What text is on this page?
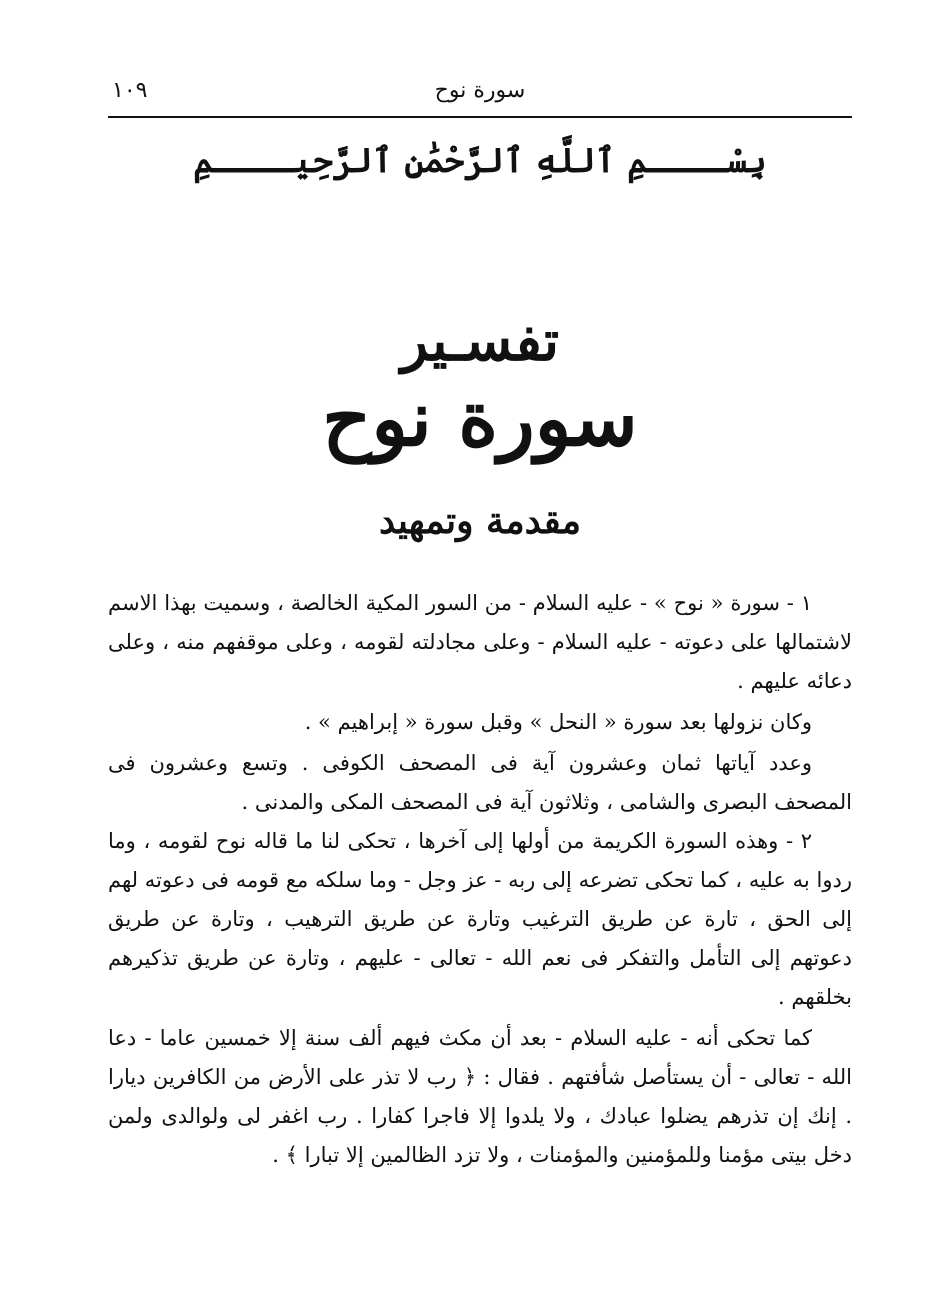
سورة نوح
١٠٩
بِسْــــمِ ٱللَّهِ ٱلرَّحْمَٰنِ ٱلرَّحِيــــمِ
تفسـير
سورة نوح
مقدمة وتمهيد

١ - سورة « نوح » - عليه السلام - من السور المكية الخالصة ، وسميت بهذا الاسم لاشتمالها على دعوته - عليه السلام - وعلى مجادلته لقومه ، وعلى موقفهم منه ، وعلى دعائه عليهم .

وكان نزولها بعد سورة « النحل » وقبل سورة « إبراهيم » .

وعدد آياتها ثمان وعشرون آية فى المصحف الكوفى . وتسع وعشرون فى المصحف البصرى والشامى ، وثلاثون آية فى المصحف المكى والمدنى .

٢ - وهذه السورة الكريمة من أولها إلى آخرها ، تحكى لنا ما قاله نوح لقومه ، وما ردوا به عليه ، كما تحكى تضرعه إلى ربه - عز وجل - وما سلكه مع قومه فى دعوته لهم إلى الحق ، تارة عن طريق الترغيب وتارة عن طريق الترهيب ، وتارة عن طريق دعوتهم إلى التأمل والتفكر فى نعم الله - تعالى - عليهم ، وتارة عن طريق تذكيرهم بخلقهم .

كما تحكى أنه - عليه السلام - بعد أن مكث فيهم ألف سنة إلا خمسين عاما - دعا الله - تعالى - أن يستأصل شأفتهم . فقال : ﴿ رب لا تذر على الأرض من الكافرين ديارا . إنك إن تذرهم يضلوا عبادك ، ولا يلدوا إلا فاجرا كفارا . رب اغفر لى ولوالدى ولمن دخل بيتى مؤمنا وللمؤمنين والمؤمنات ، ولا تزد الظالمين إلا تبارا ﴾ .
